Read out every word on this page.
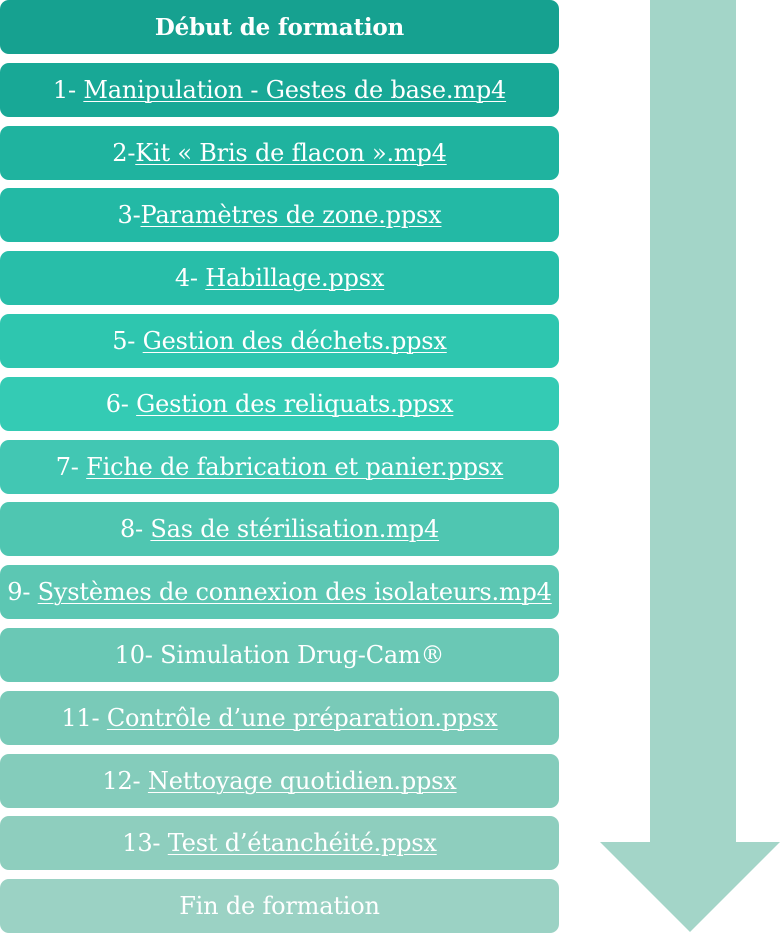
Début de formation
1- Manipulation - Gestes de base.mp4
2- Kit « Bris de flacon ».mp4
3- Paramètres de zone.ppsx
4- Habillage.ppsx
5- Gestion des déchets.ppsx
6- Gestion des reliquats.ppsx
7- Fiche de fabrication et panier.ppsx
8- Sas de stérilisation.mp4
9- Systèmes de connexion des isolateurs.mp4
10- Simulation Drug-Cam®
11- Contrôle d’une préparation.ppsx
12- Nettoyage quotidien.ppsx
13- Test d’étanchéité.ppsx
Fin de formation
